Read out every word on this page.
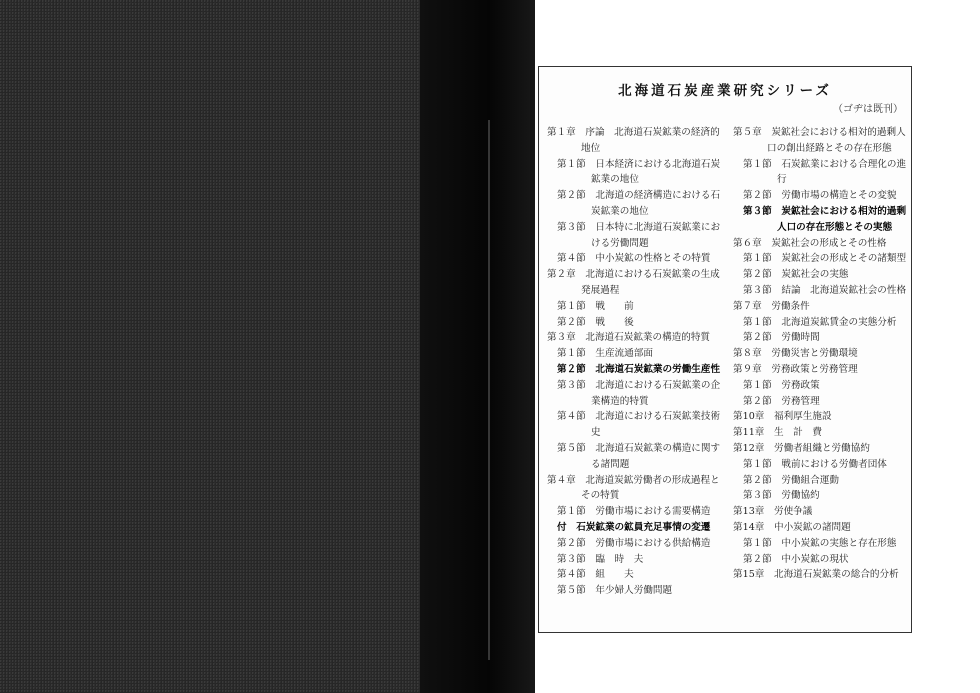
北海道石炭産業研究シリーズ
（ゴヂは既刊）
第１章　 序論　北海道石炭鉱業の経済的
地位
第１節　 日本経済における北海道石炭
鉱業の地位
第２節　 北海道の経済構造における石
炭鉱業の地位
第３節　 日本特に北海道石炭鉱業にお
ける労働問題
第４節　 中小炭鉱の性格とその特質
第２章　 北海道における石炭鉱業の生成
発展過程
第１節　 戦　　前
第２節　 戦　　後
第３章　 北海道石炭鉱業の構造的特質
第１節　 生産流通部面
第２節　 北海道石炭鉱業の労働生産性
第３節　 北海道における石炭鉱業の企
業構造的特質
第４節　 北海道における石炭鉱業技術
史
第５節　 北海道石炭鉱業の構造に関す
る諸問題
第４章　 北海道炭鉱労働者の形成過程と
その特質
第１節　 労働市場における需要構造
付　 石炭鉱業の鉱員充足事情の変遷
第２節　 労働市場における供給構造
第３節　 臨　時　夫
第４節　 組　　夫
第５節　 年少婦人労働問題
第５章　 炭鉱社会における相対的過剰人
口の創出経路とその存在形態
第１節　 石炭鉱業における合理化の進
行
第２節　 労働市場の構造とその変貌
第３節　 炭鉱社会における相対的過剰
人口の存在形態とその実態
第６章　 炭鉱社会の形成とその性格
第１節　 炭鉱社会の形成とその諸類型
第２節　 炭鉱社会の実態
第３節　 結論　北海道炭鉱社会の性格
第７章　 労働条件
第１節　 北海道炭鉱賃金の実態分析
第２節　 労働時間
第８章　 労働災害と労働環境
第９章　 労務政策と労務管理
第１節　 労務政策
第２節　 労務管理
第10章　 福利厚生施設
第11章　 生　計　費
第12章　 労働者組織と労働協約
第１節　 戦前における労働者団体
第２節　 労働組合運動
第３節　 労働協約
第13章　 労使争議
第14章　 中小炭鉱の諸問題
第１節　 中小炭鉱の実態と存在形態
第２節　 中小炭鉱の現状
第15章　 北海道石炭鉱業の総合的分析
